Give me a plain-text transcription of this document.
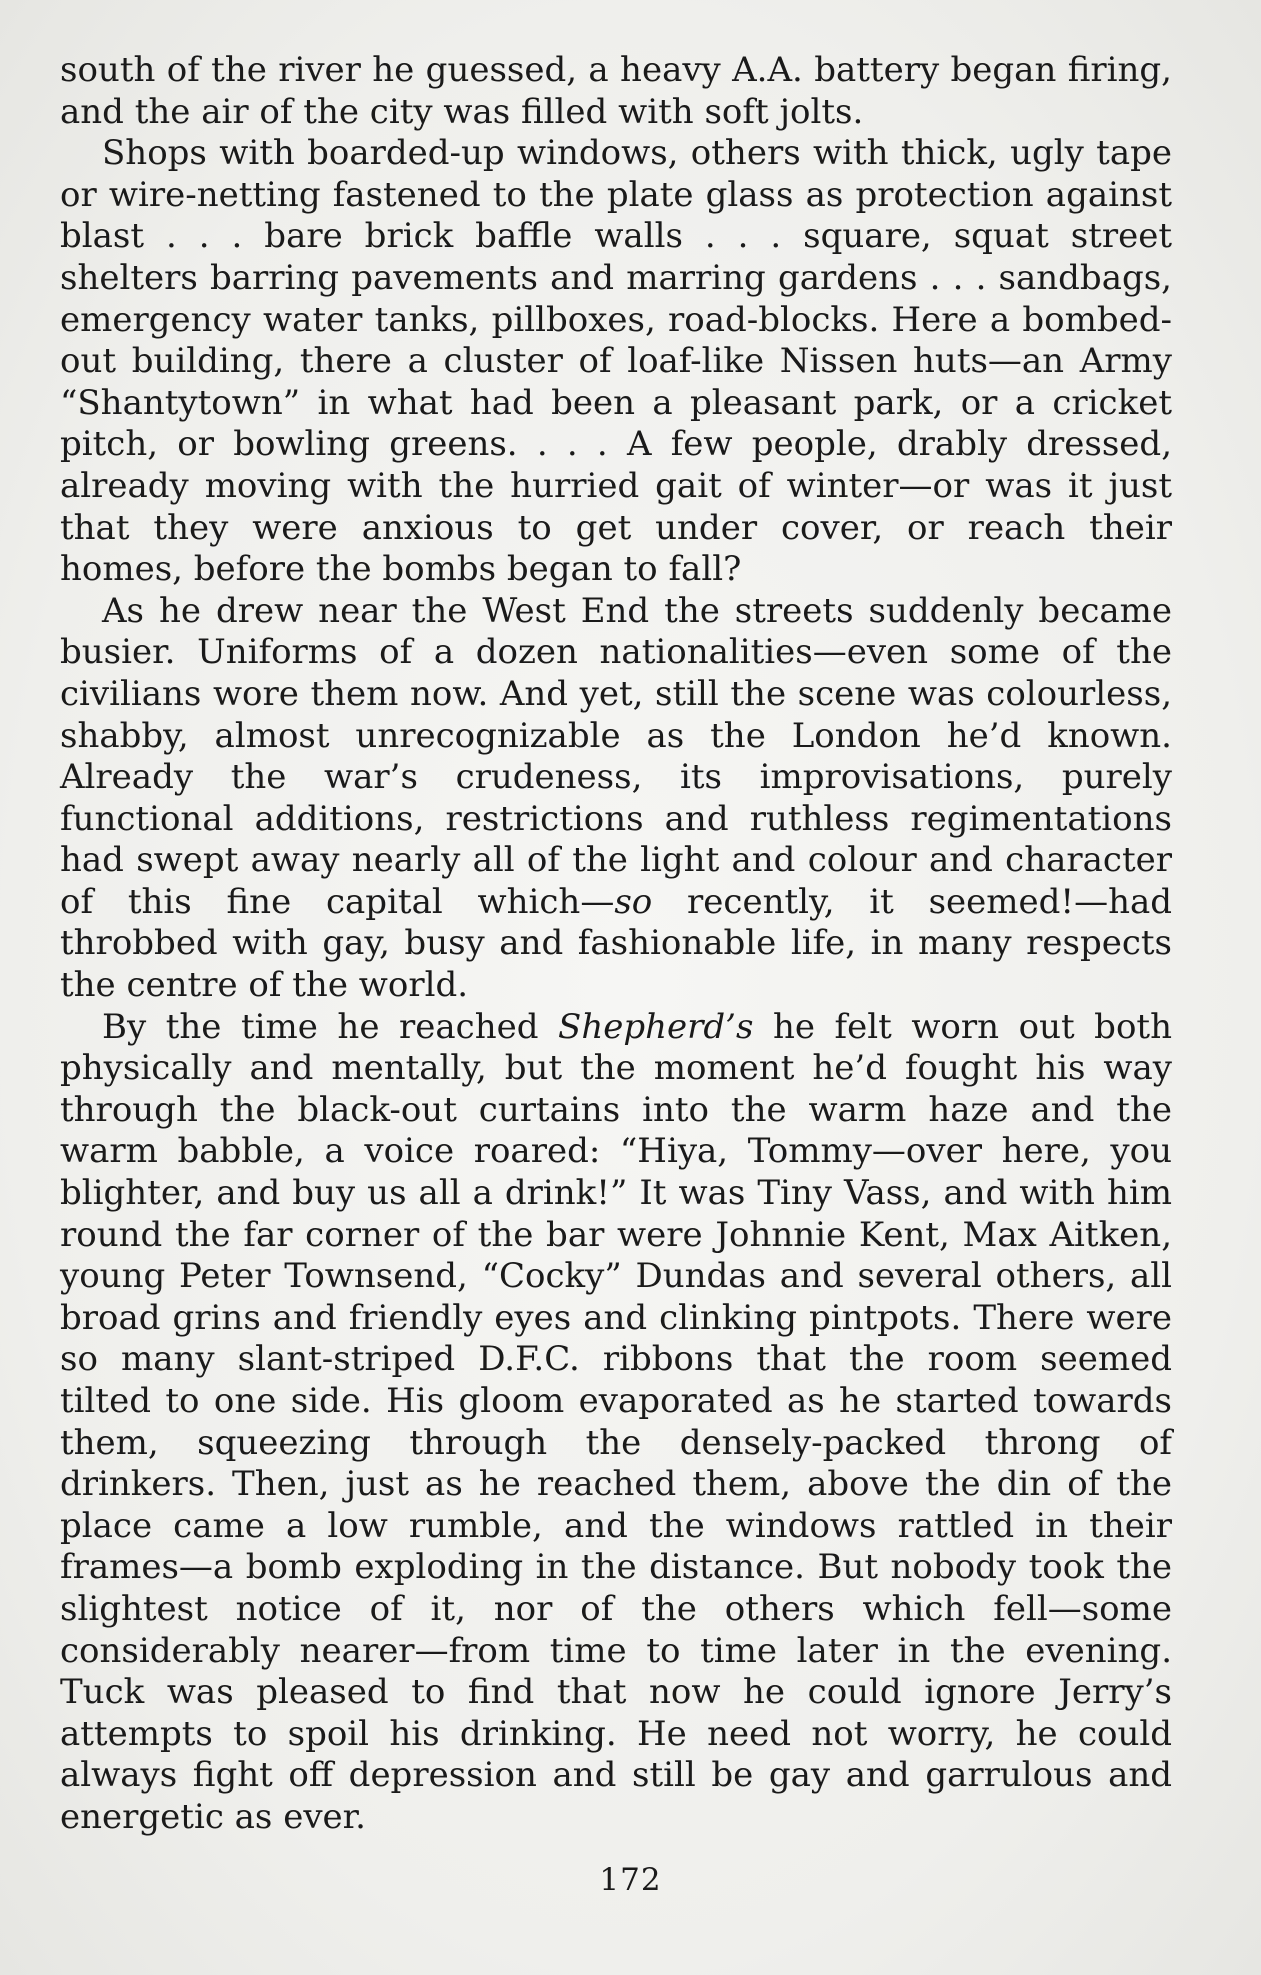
south of the river he guessed, a heavy A.A. battery began firing, and the air of the city was filled with soft jolts.

Shops with boarded-up windows, others with thick, ugly tape or wire-netting fastened to the plate glass as protection against blast . . . bare brick baffle walls . . . square, squat street shelters barring pavements and marring gardens . . . sandbags, emergency water tanks, pillboxes, road-blocks. Here a bombed-out building, there a cluster of loaf-like Nissen huts—an Army “Shantytown” in what had been a pleasant park, or a cricket pitch, or bowling greens. . . . A few people, drably dressed, already moving with the hurried gait of winter—or was it just that they were anxious to get under cover, or reach their homes, before the bombs began to fall?

As he drew near the West End the streets suddenly became busier. Uniforms of a dozen nationalities—even some of the civilians wore them now. And yet, still the scene was colourless, shabby, almost unrecognizable as the London he’d known. Already the war’s crudeness, its improvisations, purely functional additions, restrictions and ruthless regimentations had swept away nearly all of the light and colour and character of this fine capital which—so recently, it seemed!—had throbbed with gay, busy and fashionable life, in many respects the centre of the world.

By the time he reached Shepherd’s he felt worn out both physically and mentally, but the moment he’d fought his way through the black-out curtains into the warm haze and the warm babble, a voice roared: “Hiya, Tommy—over here, you blighter, and buy us all a drink!” It was Tiny Vass, and with him round the far corner of the bar were Johnnie Kent, Max Aitken, young Peter Townsend, “Cocky” Dundas and several others, all broad grins and friendly eyes and clinking pintpots. There were so many slant-striped D.F.C. ribbons that the room seemed tilted to one side. His gloom evaporated as he started towards them, squeezing through the densely-packed throng of drinkers. Then, just as he reached them, above the din of the place came a low rumble, and the windows rattled in their frames—a bomb exploding in the distance. But nobody took the slightest notice of it, nor of the others which fell—some considerably nearer—from time to time later in the evening. Tuck was pleased to find that now he could ignore Jerry’s attempts to spoil his drinking. He need not worry, he could always fight off depression and still be gay and garrulous and energetic as ever.

172
